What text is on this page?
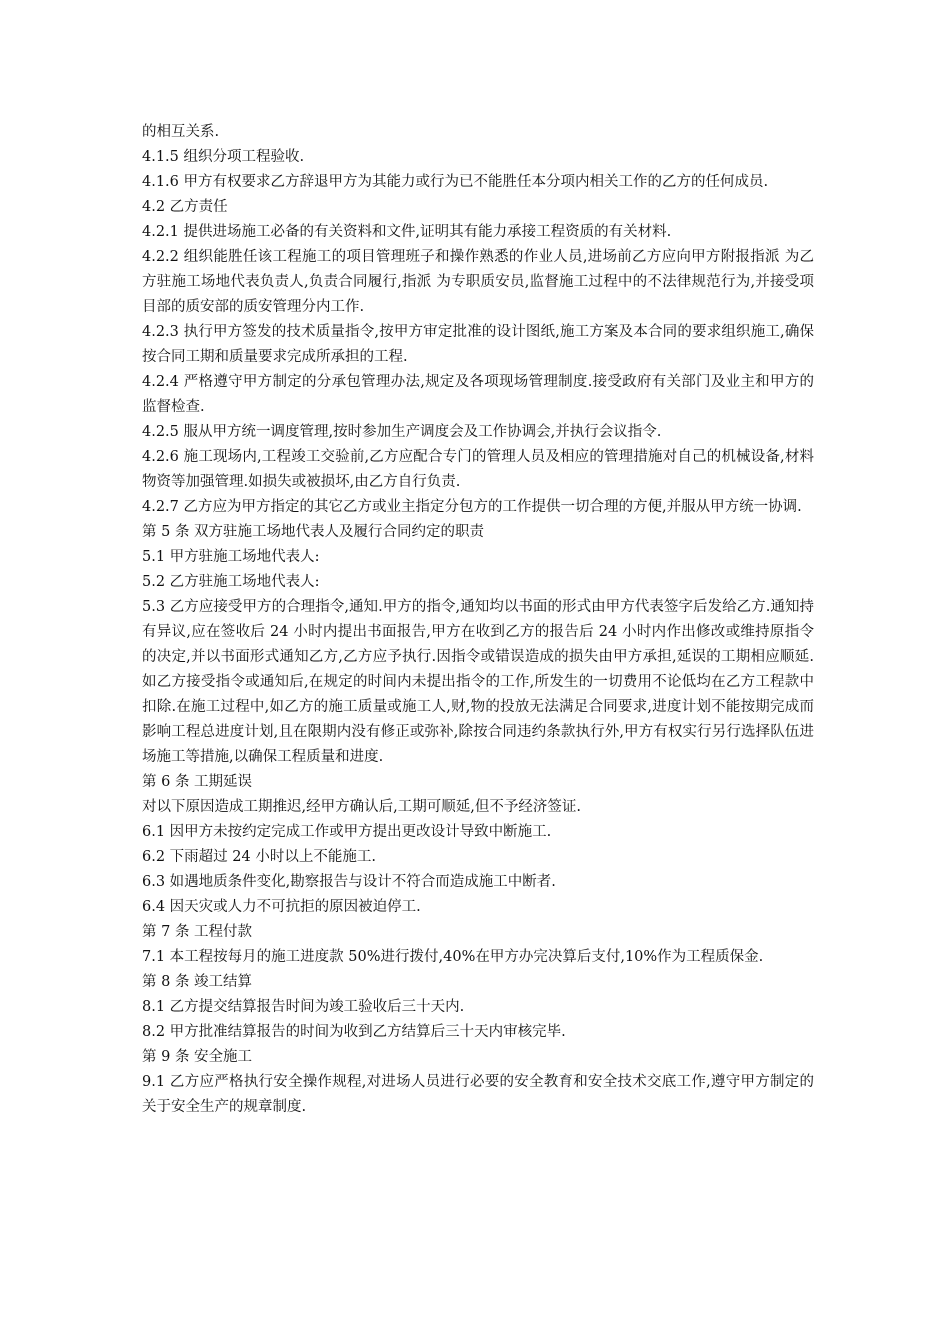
的相互关系.

4.1.5 组织分项工程验收.

4.1.6 甲方有权要求乙方辞退甲方为其能力或行为已不能胜任本分项内相关工作的乙方的任何成员.

4.2 乙方责任

4.2.1 提供进场施工必备的有关资料和文件,证明其有能力承接工程资质的有关材料.

4.2.2 组织能胜任该工程施工的项目管理班子和操作熟悉的作业人员,进场前乙方应向甲方附报指派 为乙方驻施工场地代表负责人,负责合同履行,指派 为专职质安员,监督施工过程中的不法律规范行为,并接受项目部的质安部的质安管理分内工作.

4.2.3 执行甲方签发的技术质量指令,按甲方审定批准的设计图纸,施工方案及本合同的要求组织施工,确保按合同工期和质量要求完成所承担的工程.

4.2.4 严格遵守甲方制定的分承包管理办法,规定及各项现场管理制度.接受政府有关部门及业主和甲方的监督检查.

4.2.5 服从甲方统一调度管理,按时参加生产调度会及工作协调会,并执行会议指令.

4.2.6 施工现场内,工程竣工交验前,乙方应配合专门的管理人员及相应的管理措施对自己的机械设备,材料物资等加强管理.如损失或被损坏,由乙方自行负责.

4.2.7 乙方应为甲方指定的其它乙方或业主指定分包方的工作提供一切合理的方便,并服从甲方统一协调.

第 5 条 双方驻施工场地代表人及履行合同约定的职责

5.1 甲方驻施工场地代表人:

5.2 乙方驻施工场地代表人:

5.3 乙方应接受甲方的合理指令,通知.甲方的指令,通知均以书面的形式由甲方代表签字后发给乙方.通知持有异议,应在签收后 24 小时内提出书面报告,甲方在收到乙方的报告后 24 小时内作出修改或维持原指令的决定,并以书面形式通知乙方,乙方应予执行.因指令或错误造成的损失由甲方承担,延误的工期相应顺延.如乙方接受指令或通知后,在规定的时间内未提出指令的工作,所发生的一切费用不论低均在乙方工程款中扣除.在施工过程中,如乙方的施工质量或施工人,财,物的投放无法满足合同要求,进度计划不能按期完成而影响工程总进度计划,且在限期内没有修正或弥补,除按合同违约条款执行外,甲方有权实行另行选择队伍进场施工等措施,以确保工程质量和进度.

第 6 条 工期延误

对以下原因造成工期推迟,经甲方确认后,工期可顺延,但不予经济签证.

6.1 因甲方未按约定完成工作或甲方提出更改设计导致中断施工.

6.2 下雨超过 24 小时以上不能施工.

6.3 如遇地质条件变化,勘察报告与设计不符合而造成施工中断者.

6.4 因天灾或人力不可抗拒的原因被迫停工.

第 7 条 工程付款

7.1 本工程按每月的施工进度款 50%进行拨付,40%在甲方办完决算后支付,10%作为工程质保金.

第 8 条 竣工结算

8.1 乙方提交结算报告时间为竣工验收后三十天内.

8.2 甲方批准结算报告的时间为收到乙方结算后三十天内审核完毕.

第 9 条 安全施工

9.1 乙方应严格执行安全操作规程,对进场人员进行必要的安全教育和安全技术交底工作,遵守甲方制定的关于安全生产的规章制度.
